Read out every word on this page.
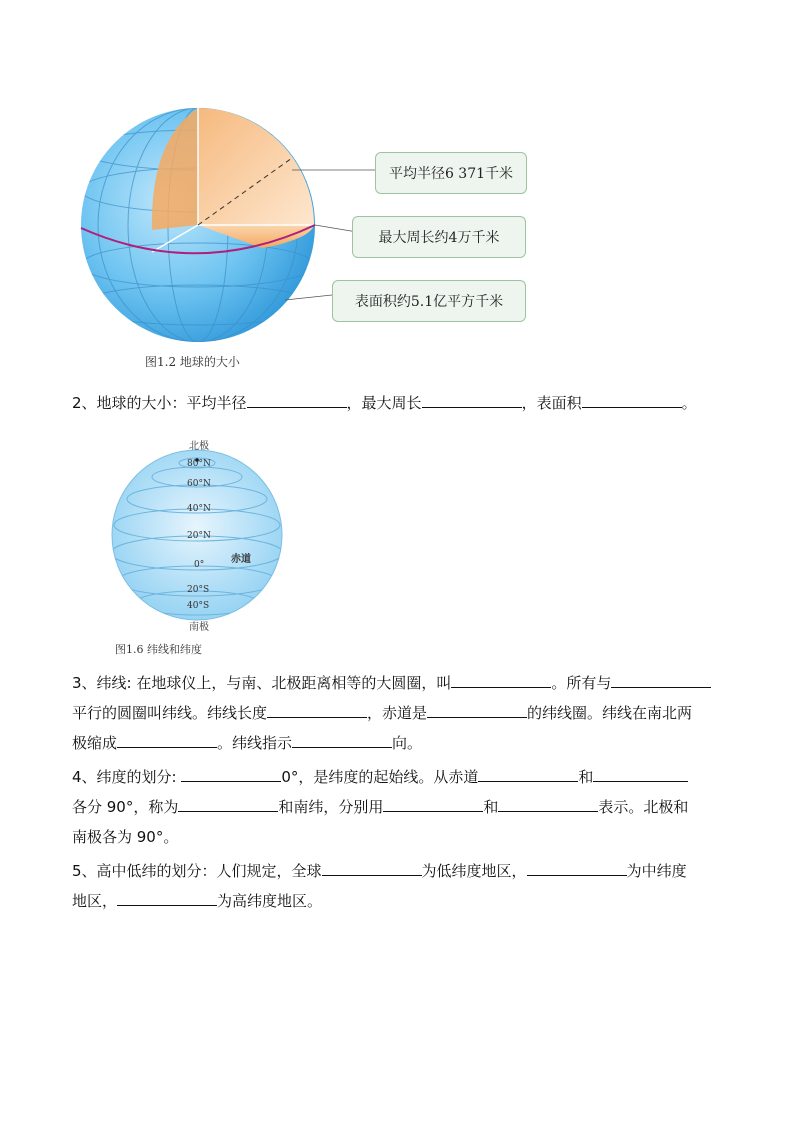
平均半径6 371千米
最大周长约4万千米
表面积约5.1亿平方千米
图1.2 地球的大小

2、地球的大小：平均半径	，最大周长	，表面积	。

北极
南极
赤道
80°N
60°N
40°N
20°N
0°
20°S
40°S
图1.6 纬线和纬度

3、纬线: 在地球仪上，与南、北极距离相等的大圆圈，叫	。所有与

平行的圆圈叫纬线。纬线长度	，赤道是	的纬线圈。纬线在南北两

极缩成	。纬线指示	向。

4、纬度的划分:	0°，是纬度的起始线。从赤道	和

各分 90°，称为	和南纬，分别用	和	表示。北极和

南极各为 90°。

5、高中低纬的划分：人们规定，全球	为低纬度地区，	为中纬度

地区，	为高纬度地区。
